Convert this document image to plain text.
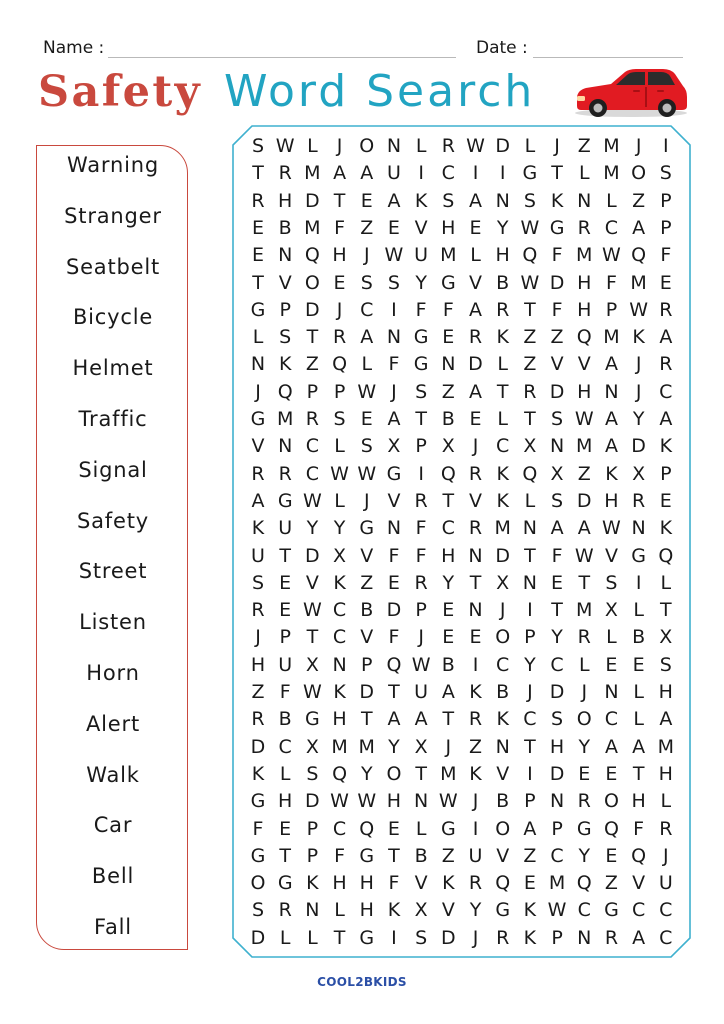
Name :	Date :
Safety Word Search
Warning
Stranger
Seatbelt
Bicycle
Helmet
Traffic
Signal
Safety
Street
Listen
Horn
Alert
Walk
Car
Bell
Fall
S W L	J O N L R W D L	J Z M J	I
T R M A A U I C I	I G T L M O S
R H D T E A K S A N S K N L Z P
E B M F Z E V H E Y W G R C A P
E N Q H J W U M L H Q F M W Q F
T V O E S S Y G V B W D H F M E
G P D J C I F F A R T F H P W R
L S T R A N G E R K Z Z Q M K A
N K Z Q L F G N D L Z V V A J R
J Q P P W J S Z A T R D H N J C
G M R S E A T B E L T S W A Y A
V N C L S X P X J C X N M A D K
R R C W W G I Q R K Q X Z K X P
A G W L	J V R T V K L S D H R E
K U Y Y G N F C R M N A A W N K
U T D X V F F H N D T F W V G Q
S E V K Z E R Y T X N E T S I	L
R E W C B D P E N J	I T M X L T
J P T C V F J E E O P Y R L B X
H U X N P Q W B I C Y C L E E S
Z F W K D T U A K B J D J N L H
R B G H T A A T R K C S O C L A
D C X M M Y X J Z N T H Y A A M
K L S Q Y O T M K V I D E E T H
G H D W W H N W J B P N R O H L
F E P C Q E L G I O A P G Q F R
G T P F G T B Z U V Z C Y E Q J
O G K H H F V K R Q E M Q Z V U
S R N L H K X V Y G K W C G C C
D L L T G I S D J R K P N R A C
COOL2BKIDS
